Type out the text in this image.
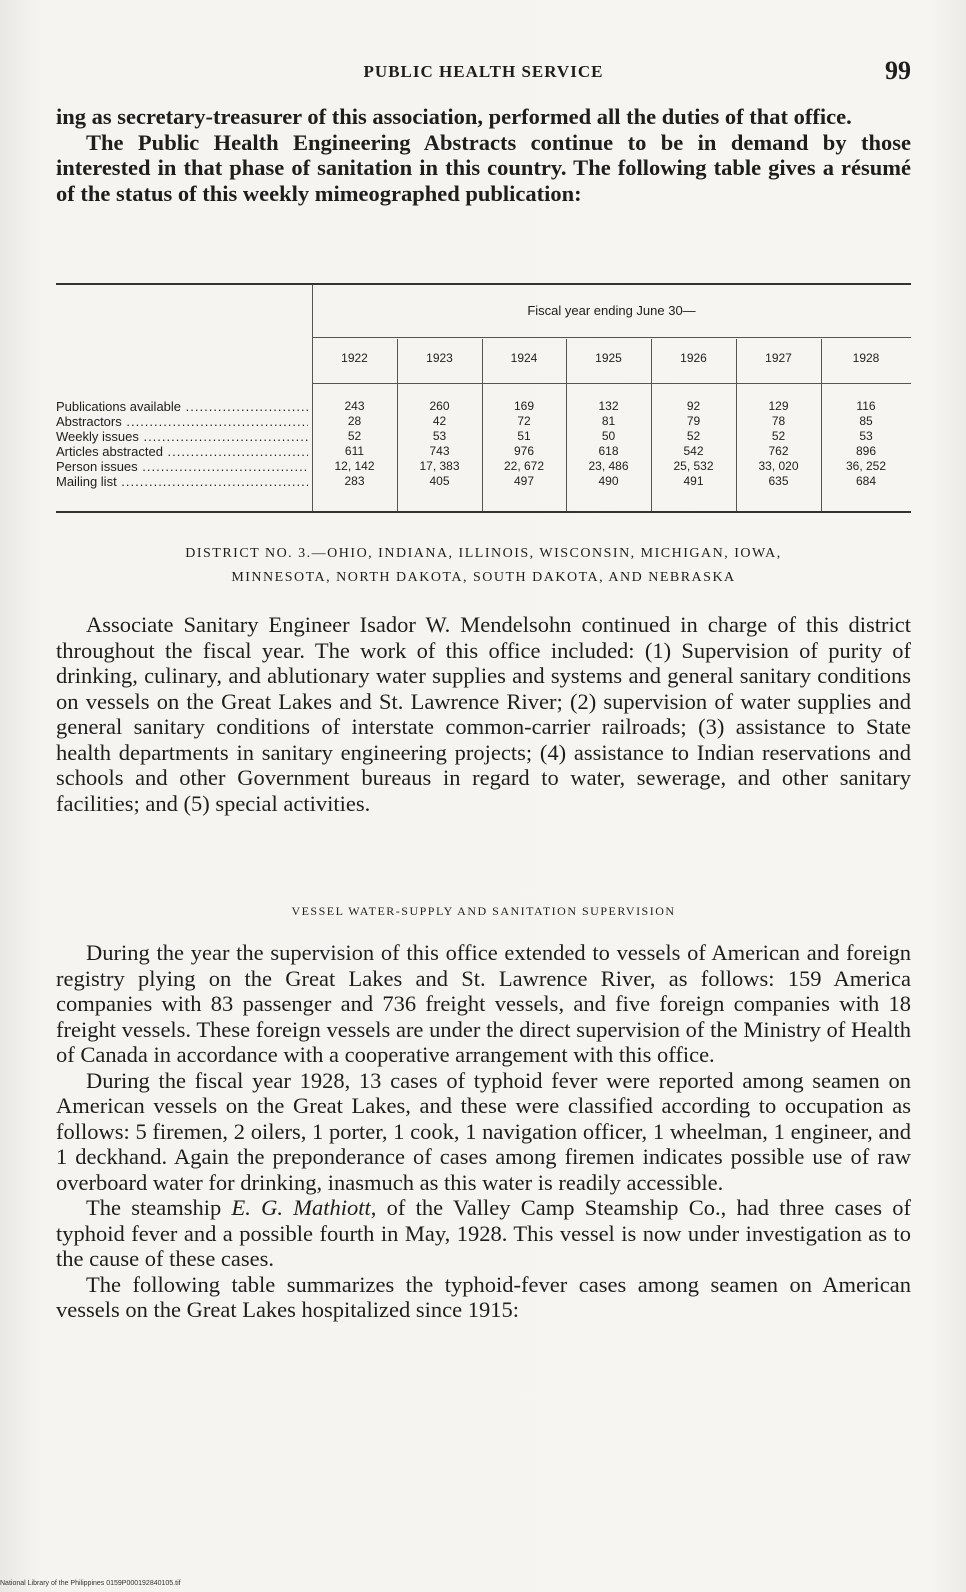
PUBLIC HEALTH SERVICE	99

ing as secretary-treasurer of this association, performed all the duties of that office.

The Public Health Engineering Abstracts continue to be in demand by those interested in that phase of sanitation in this country. The following table gives a résumé of the status of this weekly mimeographed publication:

Fiscal year ending June 30—
1922	1923	1924	1925	1926	1927	1928
Publications available .....	243	260	169	132	92	129	116
Abstractors .....	28	42	72	81	79	78	85
Weekly issues .....	52	53	51	50	52	52	53
Articles abstracted .....	611	743	976	618	542	762	896
Person issues .....	12, 142	17, 383	22, 672	23, 486	25, 532	33, 020	36, 252
Mailing list .....	283	405	497	490	491	635	684
DISTRICT NO. 3.—OHIO, INDIANA, ILLINOIS, WISCONSIN, MICHIGAN, IOWA,
MINNESOTA, NORTH DAKOTA, SOUTH DAKOTA, AND NEBRASKA

Associate Sanitary Engineer Isador W. Mendelsohn continued in charge of this district throughout the fiscal year. The work of this office included: (1) Supervision of purity of drinking, culinary, and ablutionary water supplies and systems and general sanitary conditions on vessels on the Great Lakes and St. Lawrence River; (2) supervision of water supplies and general sanitary conditions of interstate common-carrier railroads; (3) assistance to State health departments in sanitary engineering projects; (4) assistance to Indian reservations and schools and other Government bureaus in regard to water, sewerage, and other sanitary facilities; and (5) special activities.

VESSEL WATER-SUPPLY AND SANITATION SUPERVISION

During the year the supervision of this office extended to vessels of American and foreign registry plying on the Great Lakes and St. Lawrence River, as follows: 159 America companies with 83 passenger and 736 freight vessels, and five foreign companies with 18 freight vessels. These foreign vessels are under the direct supervision of the Ministry of Health of Canada in accordance with a cooperative arrangement with this office.

During the fiscal year 1928, 13 cases of typhoid fever were reported among seamen on American vessels on the Great Lakes, and these were classified according to occupation as follows: 5 firemen, 2 oilers, 1 porter, 1 cook, 1 navigation officer, 1 wheelman, 1 engineer, and 1 deckhand. Again the preponderance of cases among firemen indicates possible use of raw overboard water for drinking, inasmuch as this water is readily accessible.

The steamship E. G. Mathiott, of the Valley Camp Steamship Co., had three cases of typhoid fever and a possible fourth in May, 1928. This vessel is now under investigation as to the cause of these cases.

The following table summarizes the typhoid-fever cases among seamen on American vessels on the Great Lakes hospitalized since 1915:

National Library of the Philippines 0159P000192840105.tif
